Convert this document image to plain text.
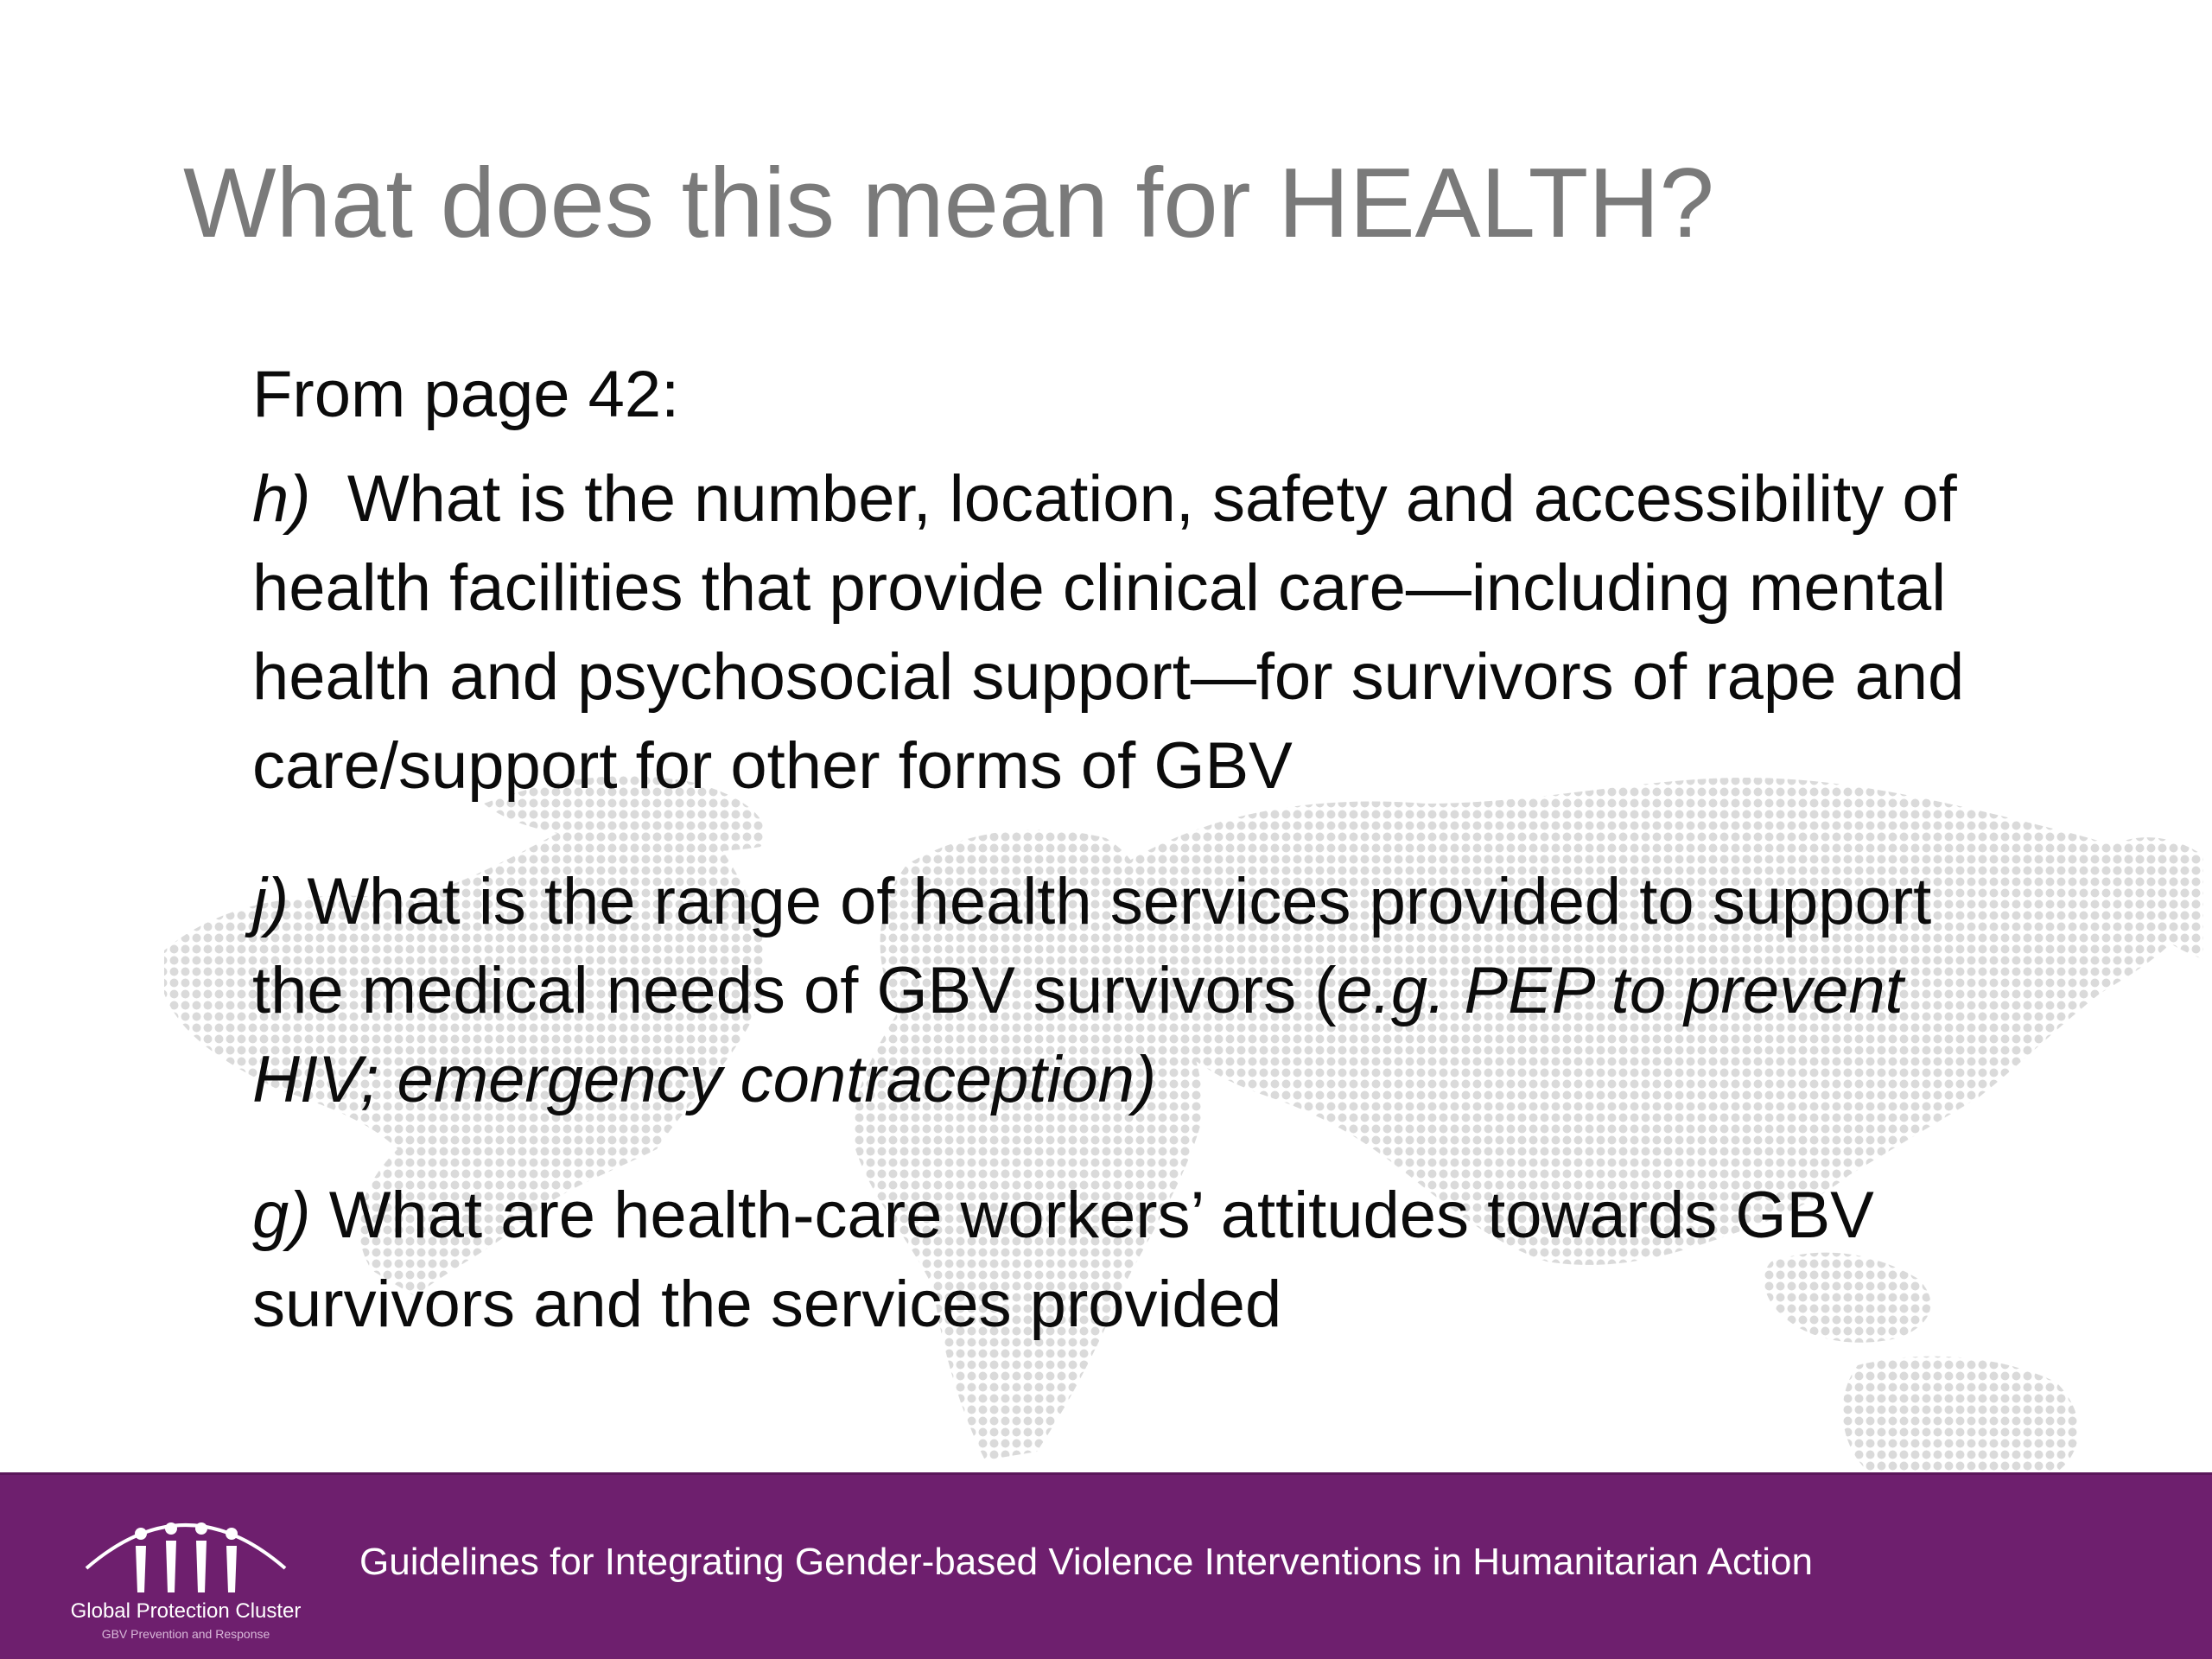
What does this mean for HEALTH?

From page 42:

h) What is the number, location, safety and accessibility of health facilities that provide clinical care—including mental health and psychosocial support—for survivors of rape and care/support for other forms of GBV

j) What is the range of health services provided to support the medical needs of GBV survivors (e.g. PEP to prevent HIV; emergency contraception)

g) What are health-care workers’ attitudes towards GBV survivors and the services provided

Global Protection Cluster
GBV Prevention and Response
Guidelines for Integrating Gender-based Violence Interventions in Humanitarian Action
